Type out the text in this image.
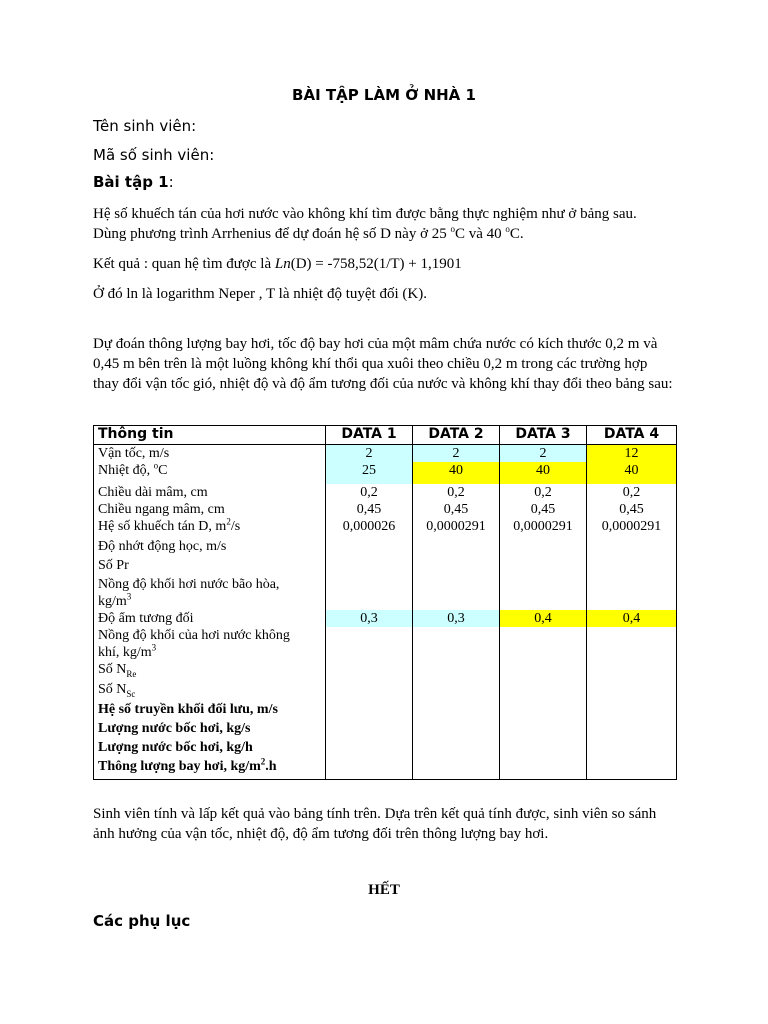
BÀI TẬP LÀM Ở NHÀ 1
Tên sinh viên:
Mã số sinh viên:
Bài tập 1:
Hệ số khuếch tán của hơi nước vào không khí tìm được bằng thực nghiệm như ở bảng sau.
Dùng phương trình Arrhenius để dự đoán hệ số D này ở 25 $^o$C và 40 $^o$C.
Kết quả : quan hệ tìm được là Ln(D) = -758,52(1/T) + 1,1901
Ở đó ln là logarithm Neper , T là nhiệt độ tuyệt đối (K).
Dự đoán thông lượng bay hơi, tốc độ bay hơi của một mâm chứa nước có kích thước 0,2 m và 0,45 m bên trên là một luồng không khí thổi qua xuôi theo chiều 0,2 m trong các trường hợp thay đổi vận tốc gió, nhiệt độ và độ ẩm tương đối của nước và không khí thay đổi theo bảng sau:
Thông tin	DATA 1	DATA 2	DATA 3	DATA 4
Vận tốc, m/s	2	2	2	12
Nhiệt độ, $^o$C	25	40	40	40
Chiều dài mâm, cm	0,2	0,2	0,2	0,2
Chiều ngang mâm, cm	0,45	0,45	0,45	0,45
Hệ số khuếch tán D, $m^2/s$	0,000026	0,0000291	0,0000291	0,0000291
Độ nhớt động học, m/s				
Số Pr				

Nồng độ khối hơi nước bão hòa,
$kg/m^3$

Độ ẩm tương đối	0,3	0,3	0,4	0,4

Nồng độ khối của hơi nước không
khí, $kg/m^3$

Số $N_{Re}$				
Số $N_{Sc}$				
Hệ số truyền khối đối lưu, m/s				
Lượng nước bốc hơi, kg/s				
Lượng nước bốc hơi, kg/h				
Thông lượng bay hơi, $kg/m^2.h$				
Sinh viên tính và lấp kết quả vào bảng tính trên. Dựa trên kết quả tính được, sinh viên so sánh ảnh hưởng của vận tốc, nhiệt độ, độ ẩm tương đối trên thông lượng bay hơi.
HẾT
Các phụ lục
